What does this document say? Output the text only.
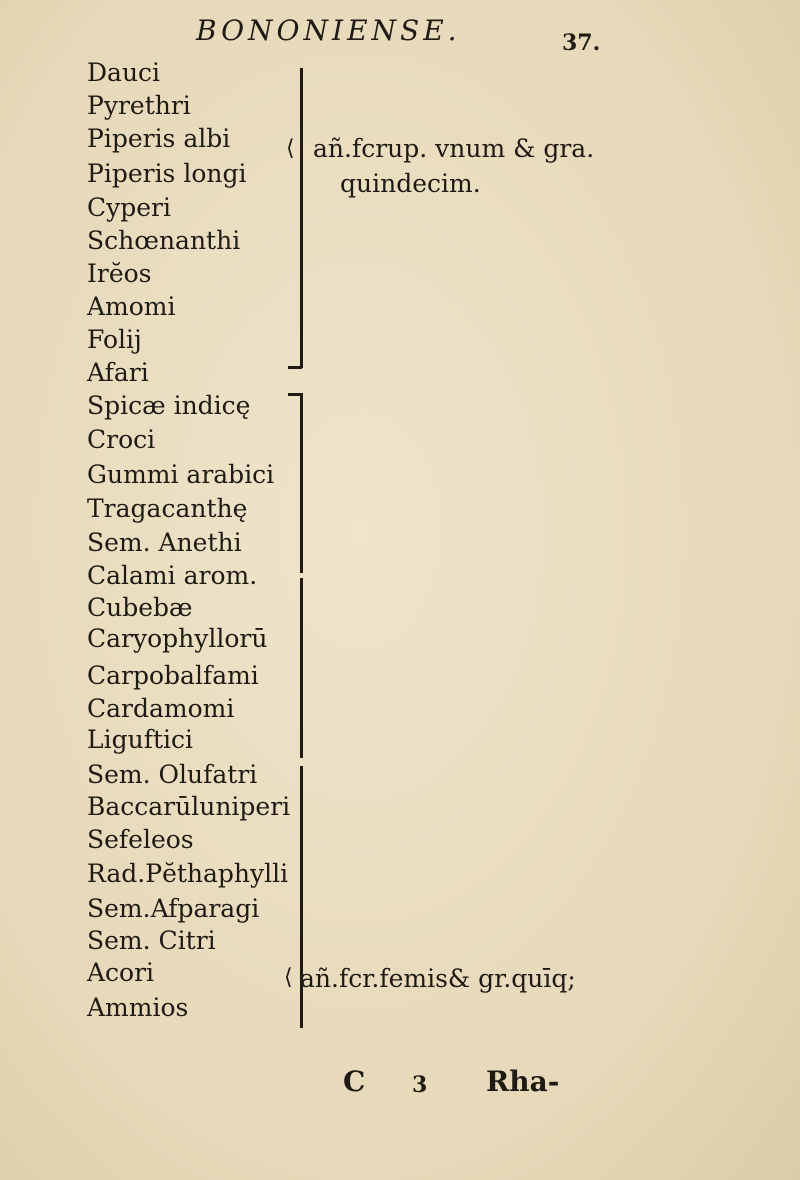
BONONIENSE.	37.
Dauci
Pyrethri
Piperis albi
Piperis longi
Cyperi
Schœnanthi
Irĕos
Amomi
Folij
Afari
Spicæ indicę
Croci
Gummi arabici
Tragacanthę
Sem. Anethi
Calami arom.
Cubebæ
Caryophyllorū
Carpobalfami
Cardamomi
Liguftici
Sem. Olufatri
Baccarūluniperi
Sefeleos
Rad.Pĕthaphylli
Sem.Afparagi
Sem. Citri
Acori
Ammios
⟨
⟨
añ.fcrup. vnum & gra.
quindecim.
añ.fcr.femis& gr.quīq;
C 3 Rha-
